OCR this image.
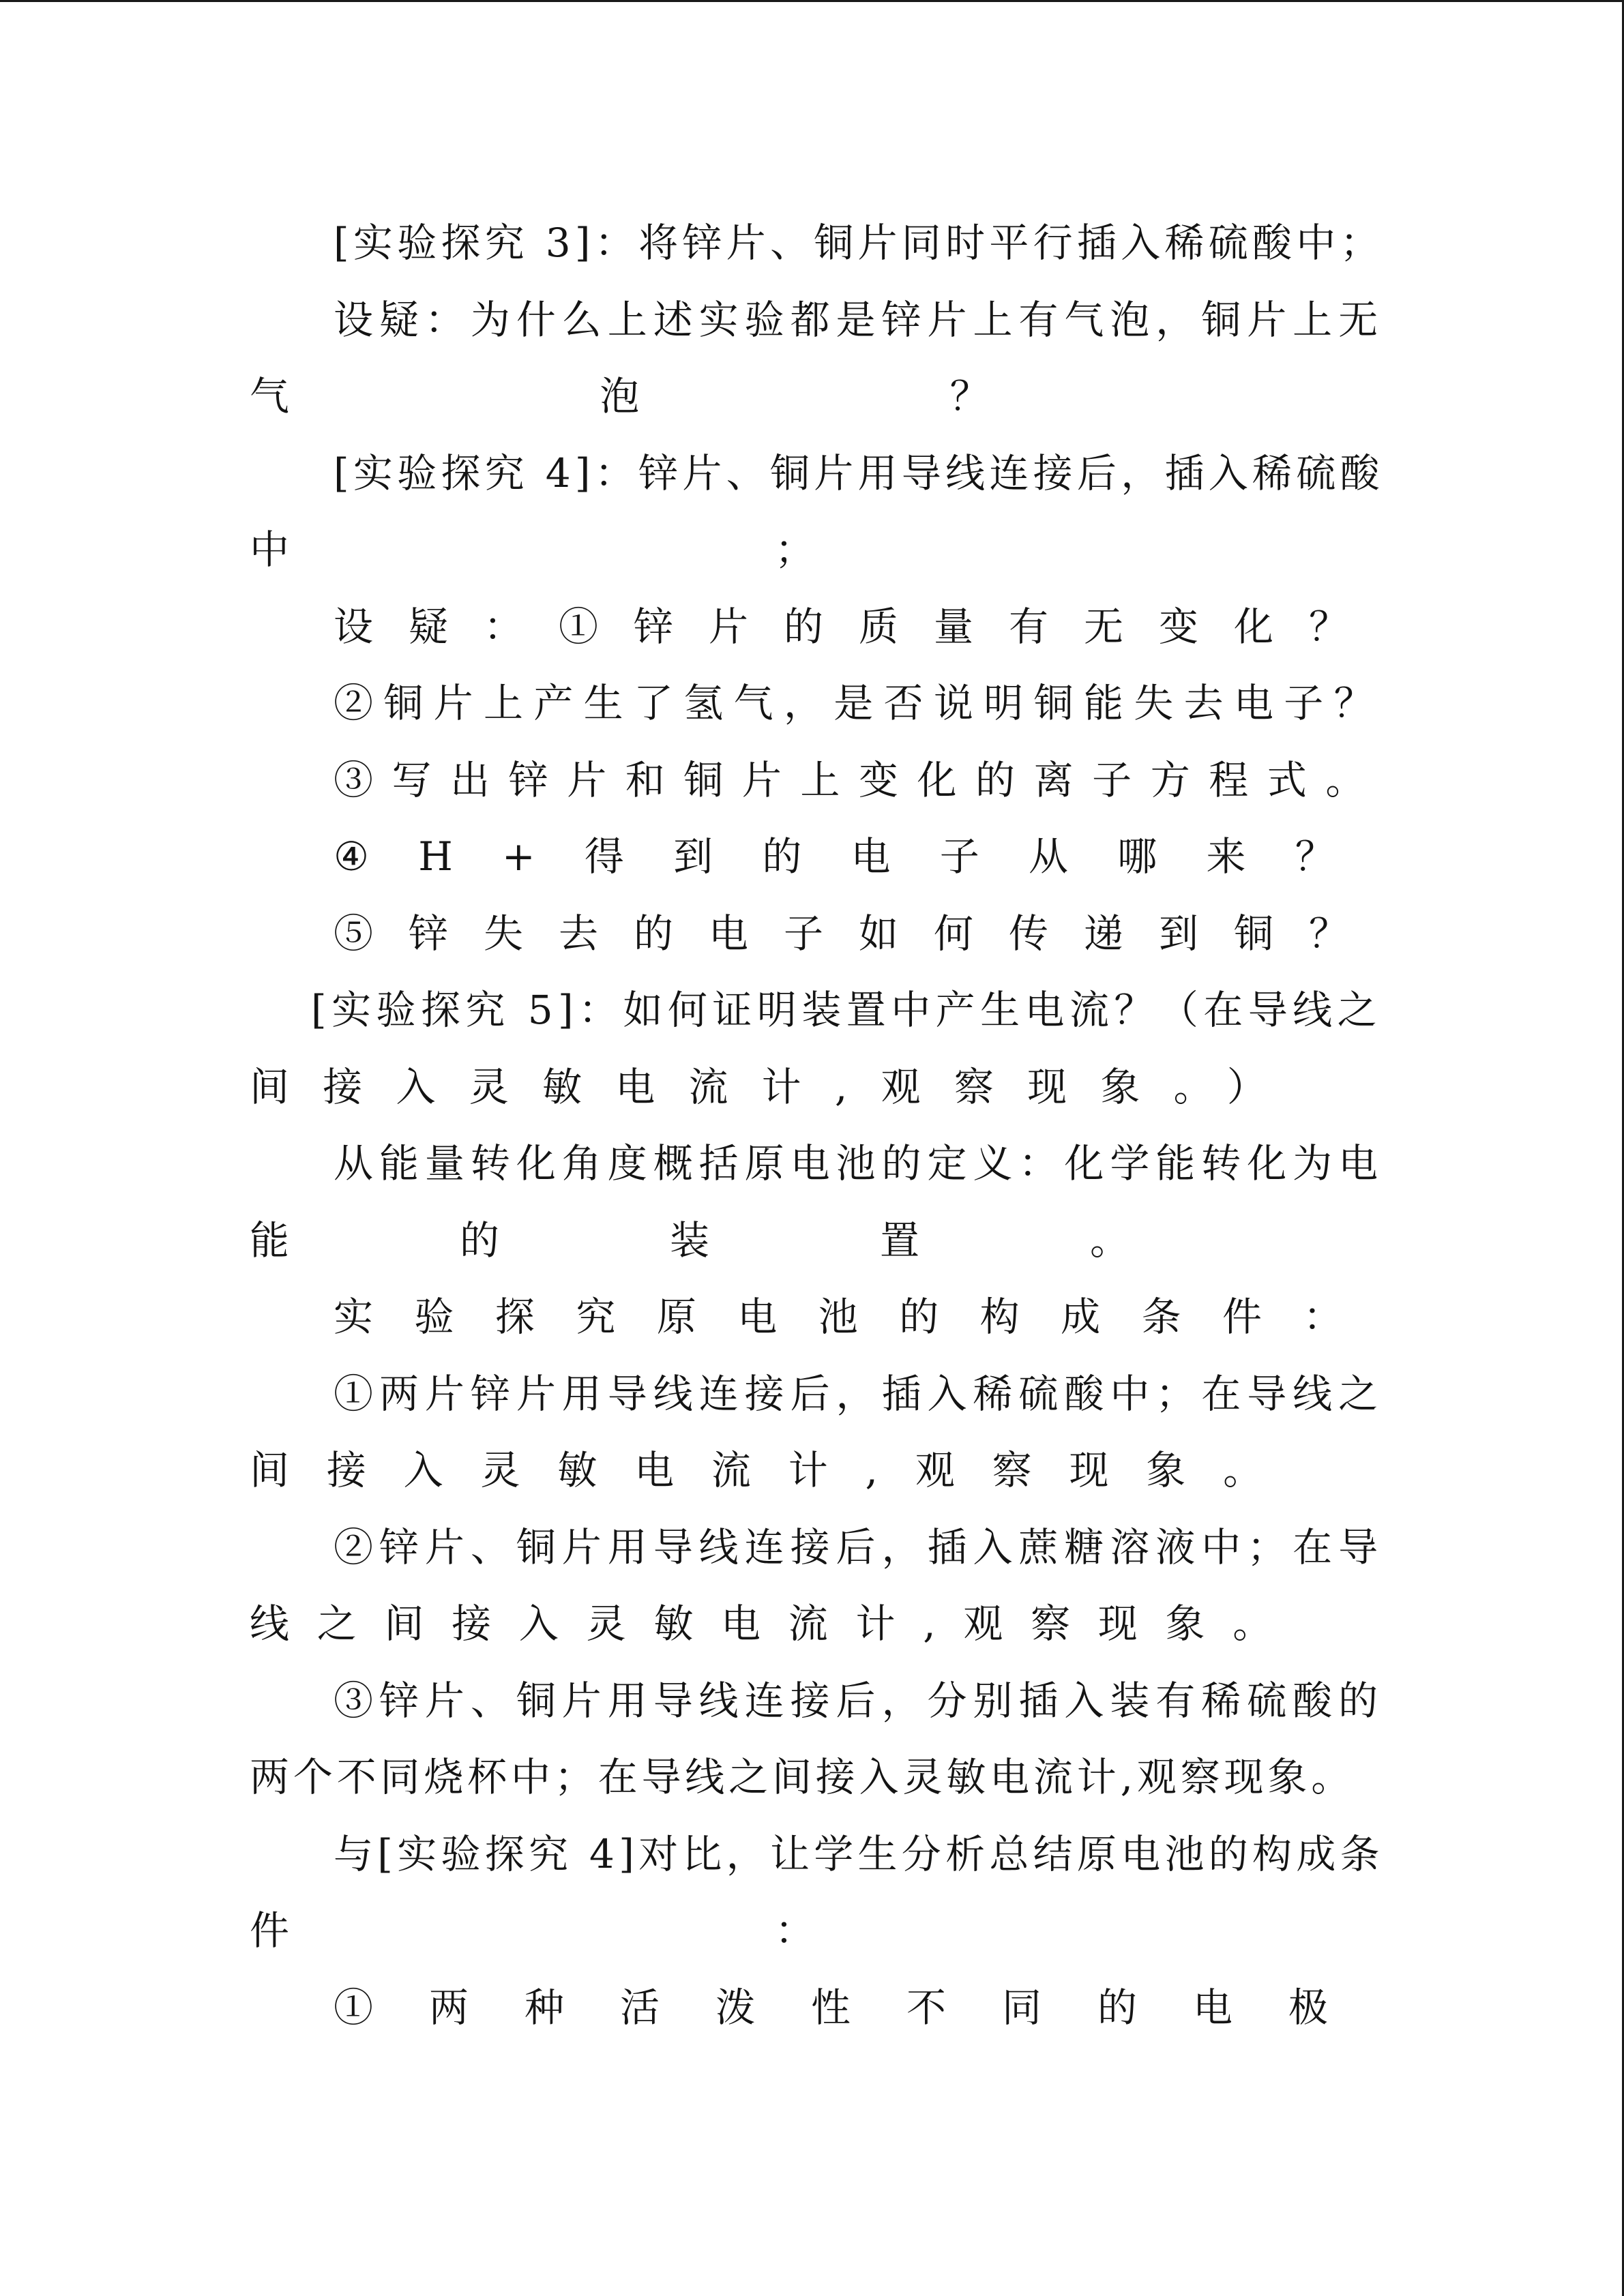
[实验探究 3]：将锌片、铜片同时平行插入稀硫酸中；

设疑：为什么上述实验都是锌片上有气泡，铜片上无

气泡？

[实验探究 4]：锌片、铜片用导线连接后，插入稀硫酸

中；

设疑：①锌片的质量有无变化？

②铜片上产生了氢气，是否说明铜能失去电子？

③写出锌片和铜片上变化的离子方程式。

④H+得到的电子从哪来？

⑤锌失去的电子如何传递到铜？

[实验探究 5]：如何证明装置中产生电流？（在导线之

间接入灵敏电流计,观察现象。）

从能量转化角度概括原电池的定义：化学能转化为电

能的装置。

实验探究原电池的构成条件：

①两片锌片用导线连接后，插入稀硫酸中；在导线之

间接入灵敏电流计,观察现象。

②锌片、铜片用导线连接后，插入蔗糖溶液中；在导

线之间接入灵敏电流计,观察现象。

③锌片、铜片用导线连接后，分别插入装有稀硫酸的

两个不同烧杯中；在导线之间接入灵敏电流计,观察现象。

与[实验探究 4]对比，让学生分析总结原电池的构成条

件：

①两种活泼性不同的电极
